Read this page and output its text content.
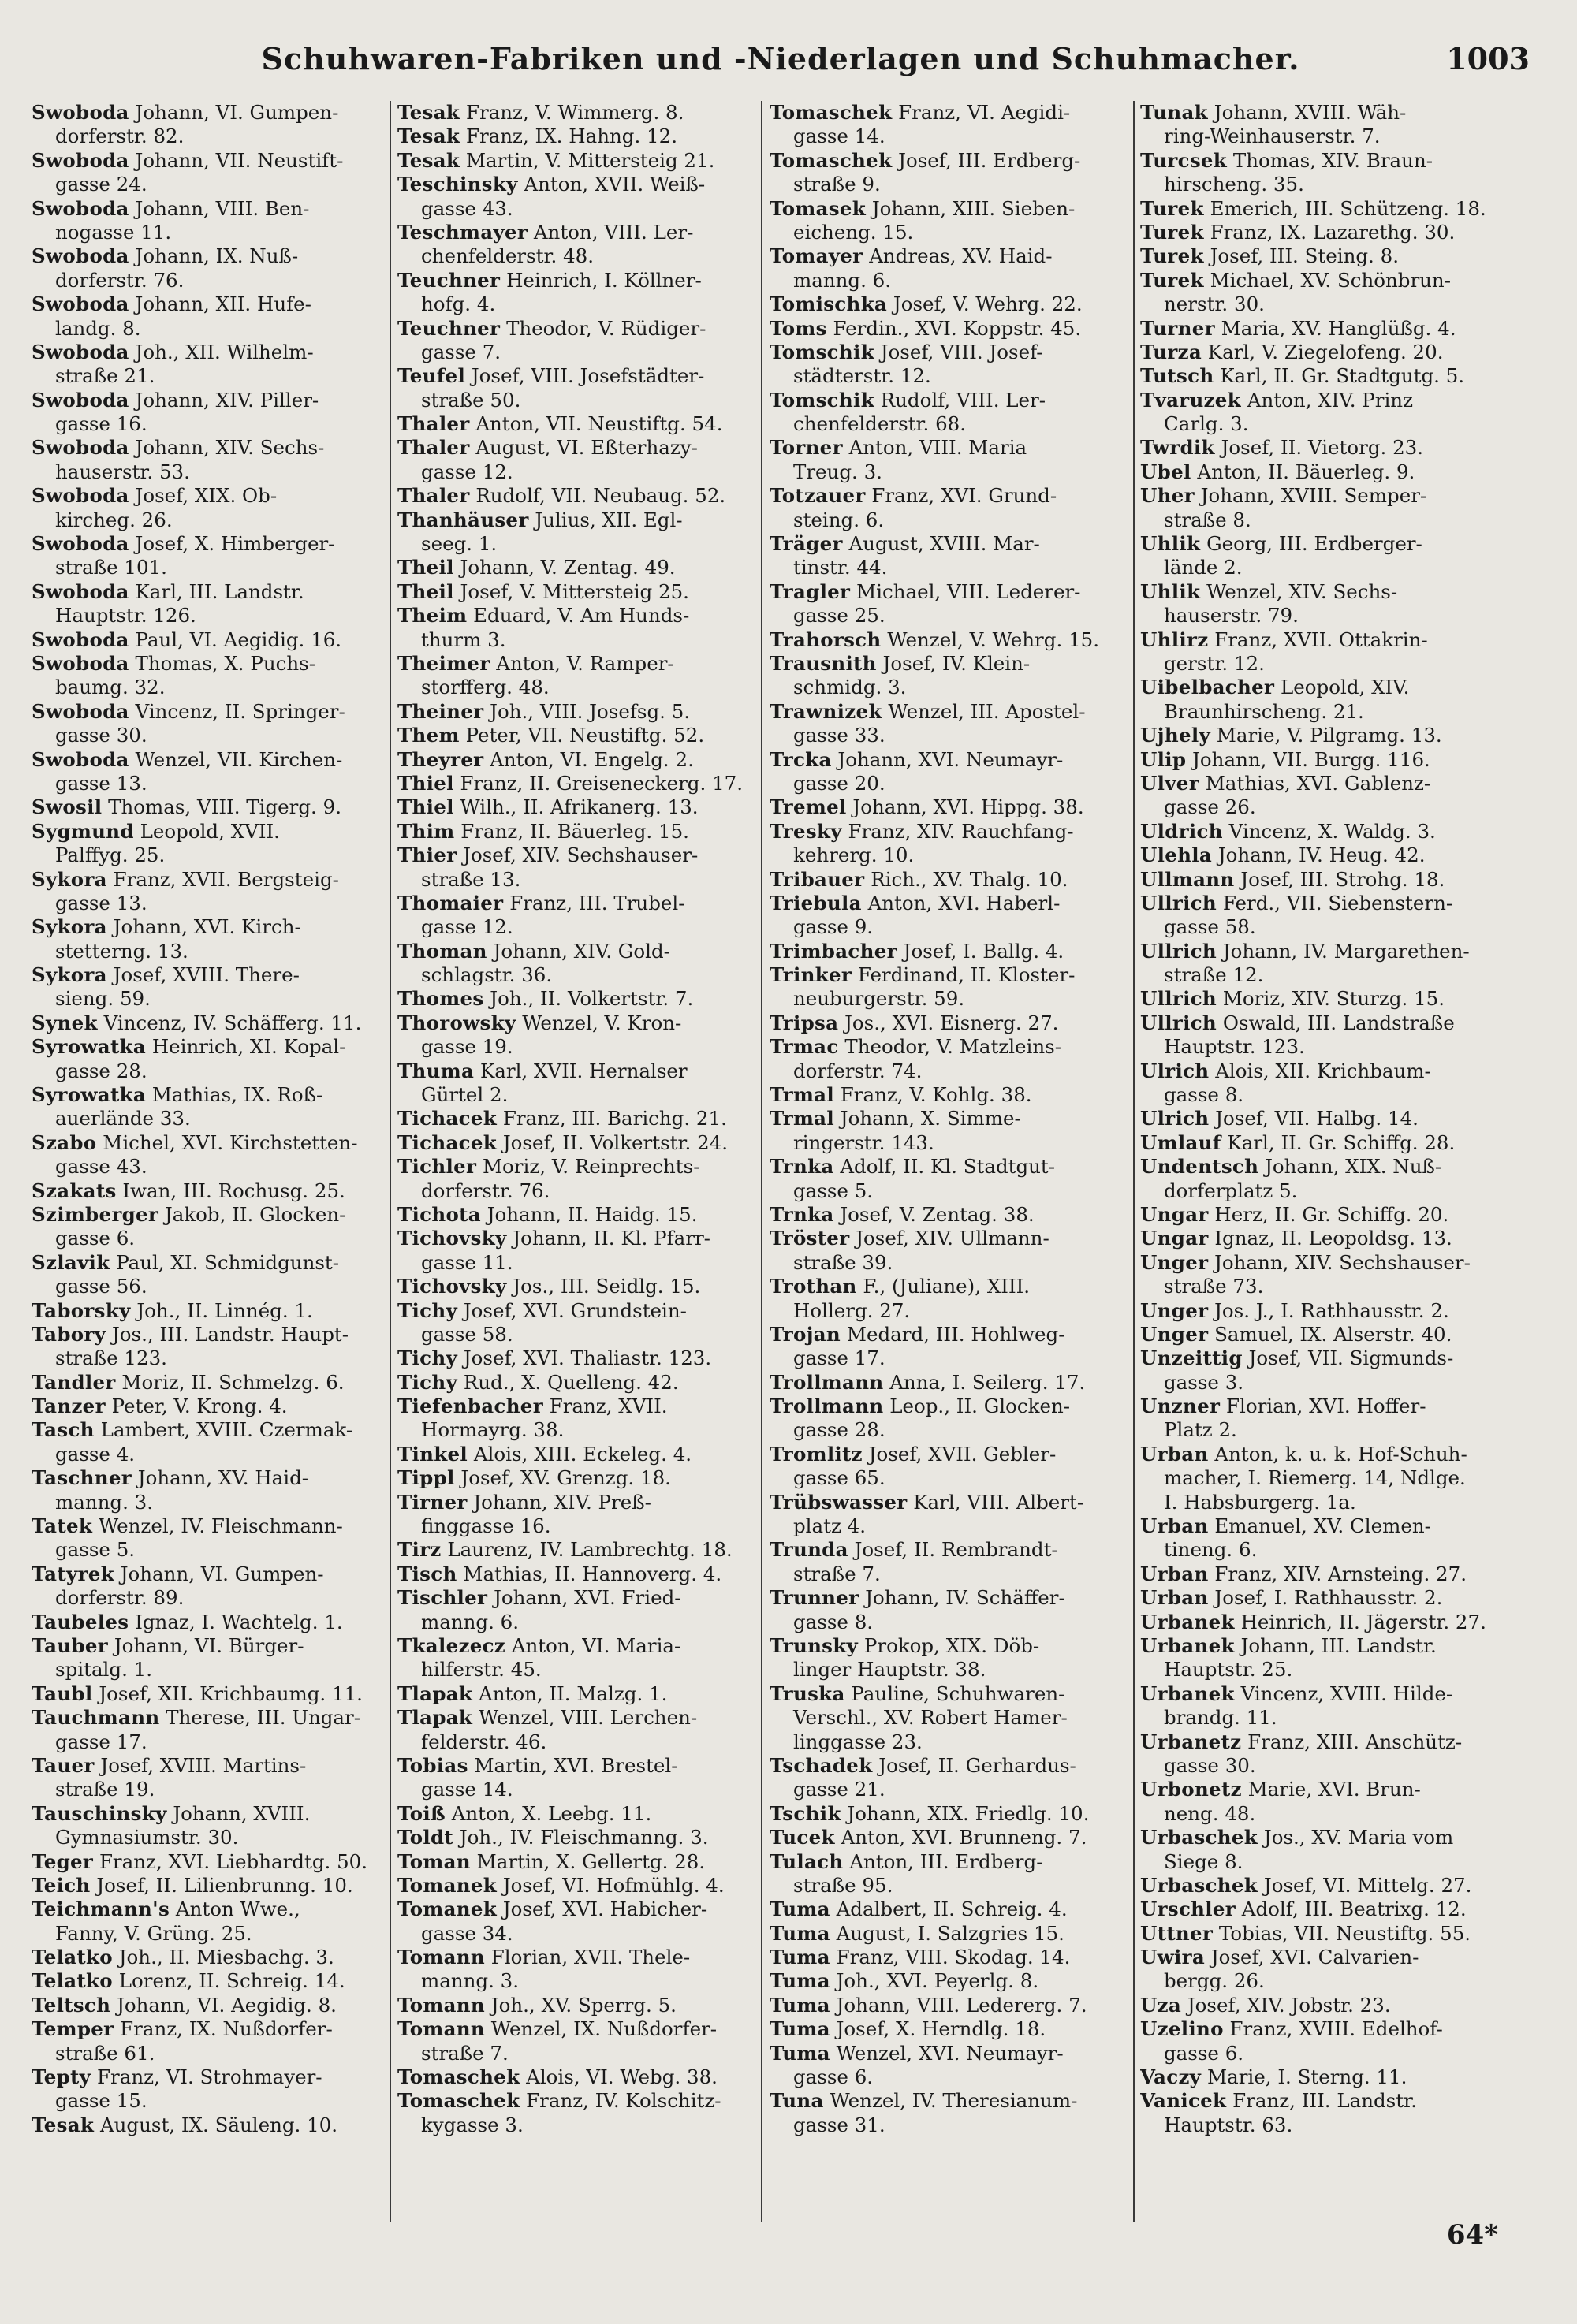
Schuhwaren-Fabriken und -Niederlagen und Schuhmacher.	1003
Swoboda Johann, VI. Gumpen-
dorferstr. 82.
Swoboda Johann, VII. Neustift-
gasse 24.
Swoboda Johann, VIII. Ben-
nogasse 11.
Swoboda Johann, IX. Nuß-
dorferstr. 76.
Swoboda Johann, XII. Hufe-
landg. 8.
Swoboda Joh., XII. Wilhelm-
straße 21.
Swoboda Johann, XIV. Piller-
gasse 16.
Swoboda Johann, XIV. Sechs-
hauserstr. 53.
Swoboda Josef, XIX. Ob-
kircheg. 26.
Swoboda Josef, X. Himberger-
straße 101.
Swoboda Karl, III. Landstr.
Hauptstr. 126.
Swoboda Paul, VI. Aegidig. 16.
Swoboda Thomas, X. Puchs-
baumg. 32.
Swoboda Vincenz, II. Springer-
gasse 30.
Swoboda Wenzel, VII. Kirchen-
gasse 13.
Swosil Thomas, VIII. Tigerg. 9.
Sygmund Leopold, XVII.
Palffyg. 25.
Sykora Franz, XVII. Bergsteig-
gasse 13.
Sykora Johann, XVI. Kirch-
stetterng. 13.
Sykora Josef, XVIII. There-
sieng. 59.
Synek Vincenz, IV. Schäfferg. 11.
Syrowatka Heinrich, XI. Kopal-
gasse 28.
Syrowatka Mathias, IX. Roß-
auerlände 33.
Szabo Michel, XVI. Kirchstetten-
gasse 43.
Szakats Iwan, III. Rochusg. 25.
Szimberger Jakob, II. Glocken-
gasse 6.
Szlavik Paul, XI. Schmidgunst-
gasse 56.
Taborsky Joh., II. Linnég. 1.
Tabory Jos., III. Landstr. Haupt-
straße 123.
Tandler Moriz, II. Schmelzg. 6.
Tanzer Peter, V. Krong. 4.
Tasch Lambert, XVIII. Czermak-
gasse 4.
Taschner Johann, XV. Haid-
manng. 3.
Tatek Wenzel, IV. Fleischmann-
gasse 5.
Tatyrek Johann, VI. Gumpen-
dorferstr. 89.
Taubeles Ignaz, I. Wachtelg. 1.
Tauber Johann, VI. Bürger-
spitalg. 1.
Taubl Josef, XII. Krichbaumg. 11.
Tauchmann Therese, III. Ungar-
gasse 17.
Tauer Josef, XVIII. Martins-
straße 19.
Tauschinsky Johann, XVIII.
Gymnasiumstr. 30.
Teger Franz, XVI. Liebhardtg. 50.
Teich Josef, II. Lilienbrunng. 10.
Teichmann's Anton Wwe.,
Fanny, V. Grüng. 25.
Telatko Joh., II. Miesbachg. 3.
Telatko Lorenz, II. Schreig. 14.
Teltsch Johann, VI. Aegidig. 8.
Temper Franz, IX. Nußdorfer-
straße 61.
Tepty Franz, VI. Strohmayer-
gasse 15.
Tesak August, IX. Säuleng. 10.
Tesak Franz, V. Wimmerg. 8.
Tesak Franz, IX. Hahng. 12.
Tesak Martin, V. Mittersteig 21.
Teschinsky Anton, XVII. Weiß-
gasse 43.
Teschmayer Anton, VIII. Ler-
chenfelderstr. 48.
Teuchner Heinrich, I. Köllner-
hofg. 4.
Teuchner Theodor, V. Rüdiger-
gasse 7.
Teufel Josef, VIII. Josefstädter-
straße 50.
Thaler Anton, VII. Neustiftg. 54.
Thaler August, VI. Eßterhazy-
gasse 12.
Thaler Rudolf, VII. Neubaug. 52.
Thanhäuser Julius, XII. Egl-
seeg. 1.
Theil Johann, V. Zentag. 49.
Theil Josef, V. Mittersteig 25.
Theim Eduard, V. Am Hunds-
thurm 3.
Theimer Anton, V. Ramper-
storfferg. 48.
Theiner Joh., VIII. Josefsg. 5.
Them Peter, VII. Neustiftg. 52.
Theyrer Anton, VI. Engelg. 2.
Thiel Franz, II. Greiseneckerg. 17.
Thiel Wilh., II. Afrikanerg. 13.
Thim Franz, II. Bäuerleg. 15.
Thier Josef, XIV. Sechshauser-
straße 13.
Thomaier Franz, III. Trubel-
gasse 12.
Thoman Johann, XIV. Gold-
schlagstr. 36.
Thomes Joh., II. Volkertstr. 7.
Thorowsky Wenzel, V. Kron-
gasse 19.
Thuma Karl, XVII. Hernalser
Gürtel 2.
Tichacek Franz, III. Barichg. 21.
Tichacek Josef, II. Volkertstr. 24.
Tichler Moriz, V. Reinprechts-
dorferstr. 76.
Tichota Johann, II. Haidg. 15.
Tichovsky Johann, II. Kl. Pfarr-
gasse 11.
Tichovsky Jos., III. Seidlg. 15.
Tichy Josef, XVI. Grundstein-
gasse 58.
Tichy Josef, XVI. Thaliastr. 123.
Tichy Rud., X. Quelleng. 42.
Tiefenbacher Franz, XVII.
Hormayrg. 38.
Tinkel Alois, XIII. Eckeleg. 4.
Tippl Josef, XV. Grenzg. 18.
Tirner Johann, XIV. Preß-
finggasse 16.
Tirz Laurenz, IV. Lambrechtg. 18.
Tisch Mathias, II. Hannoverg. 4.
Tischler Johann, XVI. Fried-
manng. 6.
Tkalezecz Anton, VI. Maria-
hilferstr. 45.
Tlapak Anton, II. Malzg. 1.
Tlapak Wenzel, VIII. Lerchen-
felderstr. 46.
Tobias Martin, XVI. Brestel-
gasse 14.
Toiß Anton, X. Leebg. 11.
Toldt Joh., IV. Fleischmanng. 3.
Toman Martin, X. Gellertg. 28.
Tomanek Josef, VI. Hofmühlg. 4.
Tomanek Josef, XVI. Habicher-
gasse 34.
Tomann Florian, XVII. Thele-
manng. 3.
Tomann Joh., XV. Sperrg. 5.
Tomann Wenzel, IX. Nußdorfer-
straße 7.
Tomaschek Alois, VI. Webg. 38.
Tomaschek Franz, IV. Kolschitz-
kygasse 3.
Tomaschek Franz, VI. Aegidi-
gasse 14.
Tomaschek Josef, III. Erdberg-
straße 9.
Tomasek Johann, XIII. Sieben-
eicheng. 15.
Tomayer Andreas, XV. Haid-
manng. 6.
Tomischka Josef, V. Wehrg. 22.
Toms Ferdin., XVI. Koppstr. 45.
Tomschik Josef, VIII. Josef-
städterstr. 12.
Tomschik Rudolf, VIII. Ler-
chenfelderstr. 68.
Torner Anton, VIII. Maria
Treug. 3.
Totzauer Franz, XVI. Grund-
steing. 6.
Träger August, XVIII. Mar-
tinstr. 44.
Tragler Michael, VIII. Lederer-
gasse 25.
Trahorsch Wenzel, V. Wehrg. 15.
Trausnith Josef, IV. Klein-
schmidg. 3.
Trawnizek Wenzel, III. Apostel-
gasse 33.
Trcka Johann, XVI. Neumayr-
gasse 20.
Tremel Johann, XVI. Hippg. 38.
Tresky Franz, XIV. Rauchfang-
kehrerg. 10.
Tribauer Rich., XV. Thalg. 10.
Triebula Anton, XVI. Haberl-
gasse 9.
Trimbacher Josef, I. Ballg. 4.
Trinker Ferdinand, II. Kloster-
neuburgerstr. 59.
Tripsa Jos., XVI. Eisnerg. 27.
Trmac Theodor, V. Matzleins-
dorferstr. 74.
Trmal Franz, V. Kohlg. 38.
Trmal Johann, X. Simme-
ringerstr. 143.
Trnka Adolf, II. Kl. Stadtgut-
gasse 5.
Trnka Josef, V. Zentag. 38.
Tröster Josef, XIV. Ullmann-
straße 39.
Trothan F., (Juliane), XIII.
Hollerg. 27.
Trojan Medard, III. Hohlweg-
gasse 17.
Trollmann Anna, I. Seilerg. 17.
Trollmann Leop., II. Glocken-
gasse 28.
Tromlitz Josef, XVII. Gebler-
gasse 65.
Trübswasser Karl, VIII. Albert-
platz 4.
Trunda Josef, II. Rembrandt-
straße 7.
Trunner Johann, IV. Schäffer-
gasse 8.
Trunsky Prokop, XIX. Döb-
linger Hauptstr. 38.
Truska Pauline, Schuhwaren-
Verschl., XV. Robert Hamer-
linggasse 23.
Tschadek Josef, II. Gerhardus-
gasse 21.
Tschik Johann, XIX. Friedlg. 10.
Tucek Anton, XVI. Brunneng. 7.
Tulach Anton, III. Erdberg-
straße 95.
Tuma Adalbert, II. Schreig. 4.
Tuma August, I. Salzgries 15.
Tuma Franz, VIII. Skodag. 14.
Tuma Joh., XVI. Peyerlg. 8.
Tuma Johann, VIII. Ledererg. 7.
Tuma Josef, X. Herndlg. 18.
Tuma Wenzel, XVI. Neumayr-
gasse 6.
Tuna Wenzel, IV. Theresianum-
gasse 31.
Tunak Johann, XVIII. Wäh-
ring-Weinhauserstr. 7.
Turcsek Thomas, XIV. Braun-
hirscheng. 35.
Turek Emerich, III. Schützeng. 18.
Turek Franz, IX. Lazarethg. 30.
Turek Josef, III. Steing. 8.
Turek Michael, XV. Schönbrun-
nerstr. 30.
Turner Maria, XV. Hanglüßg. 4.
Turza Karl, V. Ziegelofeng. 20.
Tutsch Karl, II. Gr. Stadtgutg. 5.
Tvaruzek Anton, XIV. Prinz
Carlg. 3.
Twrdik Josef, II. Vietorg. 23.
Ubel Anton, II. Bäuerleg. 9.
Uher Johann, XVIII. Semper-
straße 8.
Uhlik Georg, III. Erdberger-
lände 2.
Uhlik Wenzel, XIV. Sechs-
hauserstr. 79.
Uhlirz Franz, XVII. Ottakrin-
gerstr. 12.
Uibelbacher Leopold, XIV.
Braunhirscheng. 21.
Ujhely Marie, V. Pilgramg. 13.
Ulip Johann, VII. Burgg. 116.
Ulver Mathias, XVI. Gablenz-
gasse 26.
Uldrich Vincenz, X. Waldg. 3.
Ulehla Johann, IV. Heug. 42.
Ullmann Josef, III. Strohg. 18.
Ullrich Ferd., VII. Siebenstern-
gasse 58.
Ullrich Johann, IV. Margarethen-
straße 12.
Ullrich Moriz, XIV. Sturzg. 15.
Ullrich Oswald, III. Landstraße
Hauptstr. 123.
Ulrich Alois, XII. Krichbaum-
gasse 8.
Ulrich Josef, VII. Halbg. 14.
Umlauf Karl, II. Gr. Schiffg. 28.
Undentsch Johann, XIX. Nuß-
dorferplatz 5.
Ungar Herz, II. Gr. Schiffg. 20.
Ungar Ignaz, II. Leopoldsg. 13.
Unger Johann, XIV. Sechshauser-
straße 73.
Unger Jos. J., I. Rathhausstr. 2.
Unger Samuel, IX. Alserstr. 40.
Unzeittig Josef, VII. Sigmunds-
gasse 3.
Unzner Florian, XVI. Hoffer-
Platz 2.
Urban Anton, k. u. k. Hof-Schuh-
macher, I. Riemerg. 14, Ndlge.
I. Habsburgerg. 1a.
Urban Emanuel, XV. Clemen-
tineng. 6.
Urban Franz, XIV. Arnsteing. 27.
Urban Josef, I. Rathhausstr. 2.
Urbanek Heinrich, II. Jägerstr. 27.
Urbanek Johann, III. Landstr.
Hauptstr. 25.
Urbanek Vincenz, XVIII. Hilde-
brandg. 11.
Urbanetz Franz, XIII. Anschütz-
gasse 30.
Urbonetz Marie, XVI. Brun-
neng. 48.
Urbaschek Jos., XV. Maria vom
Siege 8.
Urbaschek Josef, VI. Mittelg. 27.
Urschler Adolf, III. Beatrixg. 12.
Uttner Tobias, VII. Neustiftg. 55.
Uwira Josef, XVI. Calvarien-
bergg. 26.
Uza Josef, XIV. Jobstr. 23.
Uzelino Franz, XVIII. Edelhof-
gasse 6.
Vaczy Marie, I. Sterng. 11.
Vanicek Franz, III. Landstr.
Hauptstr. 63.
64*
